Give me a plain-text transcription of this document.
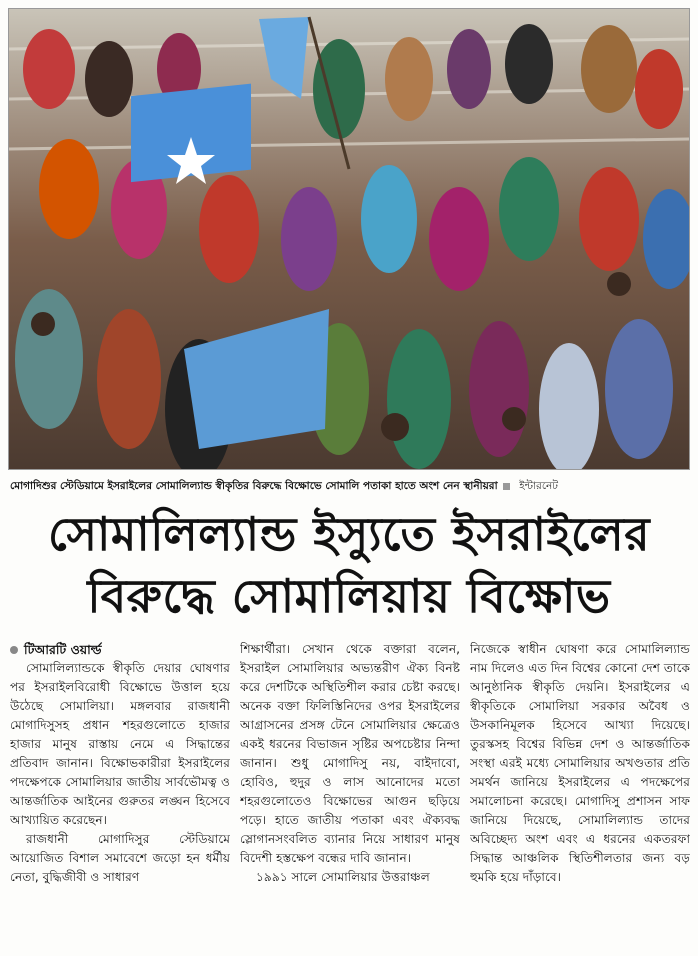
মোগাদিশুর স্টেডিয়ামে ইসরাইলের সোমালিল্যান্ড স্বীকৃতির বিরুদ্ধে বিক্ষোভে সোমালি পতাকা হাতে অংশ নেন স্থানীয়রা ইন্টারনেট
সোমালিল্যান্ড ইস্যুতে ইসরাইলের
বিরুদ্ধে সোমালিয়ায় বিক্ষোভ
টিআরটি ওয়ার্ল্ড

সোমালিল্যান্ডকে স্বীকৃতি দেয়ার ঘোষণার পর ইসরাইলবিরোধী বিক্ষোভে উত্তাল হয়ে উঠেছে সোমালিয়া। মঙ্গলবার রাজধানী মোগাদিসুসহ প্রধান শহরগুলোতে হাজার হাজার মানুষ রাস্তায় নেমে এ সিদ্ধান্তের প্রতিবাদ জানান। বিক্ষোভকারীরা ইসরাইলের পদক্ষেপকে সোমালিয়ার জাতীয় সার্বভৌমত্ব ও আন্তর্জাতিক আইনের গুরুতর লঙ্ঘন হিসেবে আখ্যায়িত করেছেন।

রাজধানী মোগাদিসুর স্টেডিয়ামে আয়োজিত বিশাল সমাবেশে জড়ো হন ধর্মীয় নেতা, বুদ্ধিজীবী ও সাধারণ

শিক্ষার্থীরা। সেখান থেকে বক্তারা বলেন, ইসরাইল সোমালিয়ার অভ্যন্তরীণ ঐক্য বিনষ্ট করে দেশটিকে অস্থিতিশীল করার চেষ্টা করছে। অনেক বক্তা ফিলিস্তিনিদের ওপর ইসরাইলের আগ্রাসনের প্রসঙ্গ টেনে সোমালিয়ার ক্ষেত্রেও একই ধরনের বিভাজন সৃষ্টির অপচেষ্টার নিন্দা জানান। শুধু মোগাদিসু নয়, বাইদাবো, হোবিও, হুদুর ও লাস আনোদের মতো শহরগুলোতেও বিক্ষোভের আগুন ছড়িয়ে পড়ে। হাতে জাতীয় পতাকা এবং ঐক্যবদ্ধ স্লোগানসংবলিত ব্যানার নিয়ে সাধারণ মানুষ বিদেশী হস্তক্ষেপ বন্ধের দাবি জানান।

১৯৯১ সালে সোমালিয়ার উত্তরাঞ্চল

নিজেকে স্বাধীন ঘোষণা করে সোমালিল্যান্ড নাম দিলেও এত দিন বিশ্বের কোনো দেশ তাকে আনুষ্ঠানিক স্বীকৃতি দেয়নি। ইসরাইলের এ স্বীকৃতিকে সোমালিয়া সরকার অবৈধ ও উসকানিমূলক হিসেবে আখ্যা দিয়েছে। তুরস্কসহ বিশ্বের বিভিন্ন দেশ ও আন্তর্জাতিক সংস্থা এরই মধ্যে সোমালিয়ার অখণ্ডতার প্রতি সমর্থন জানিয়ে ইসরাইলের এ পদক্ষেপের সমালোচনা করেছে। মোগাদিসু প্রশাসন সাফ জানিয়ে দিয়েছে, সোমালিল্যান্ড তাদের অবিচ্ছেদ্য অংশ এবং এ ধরনের একতরফা সিদ্ধান্ত আঞ্চলিক স্থিতিশীলতার জন্য বড় হুমকি হয়ে দাঁড়াবে।
